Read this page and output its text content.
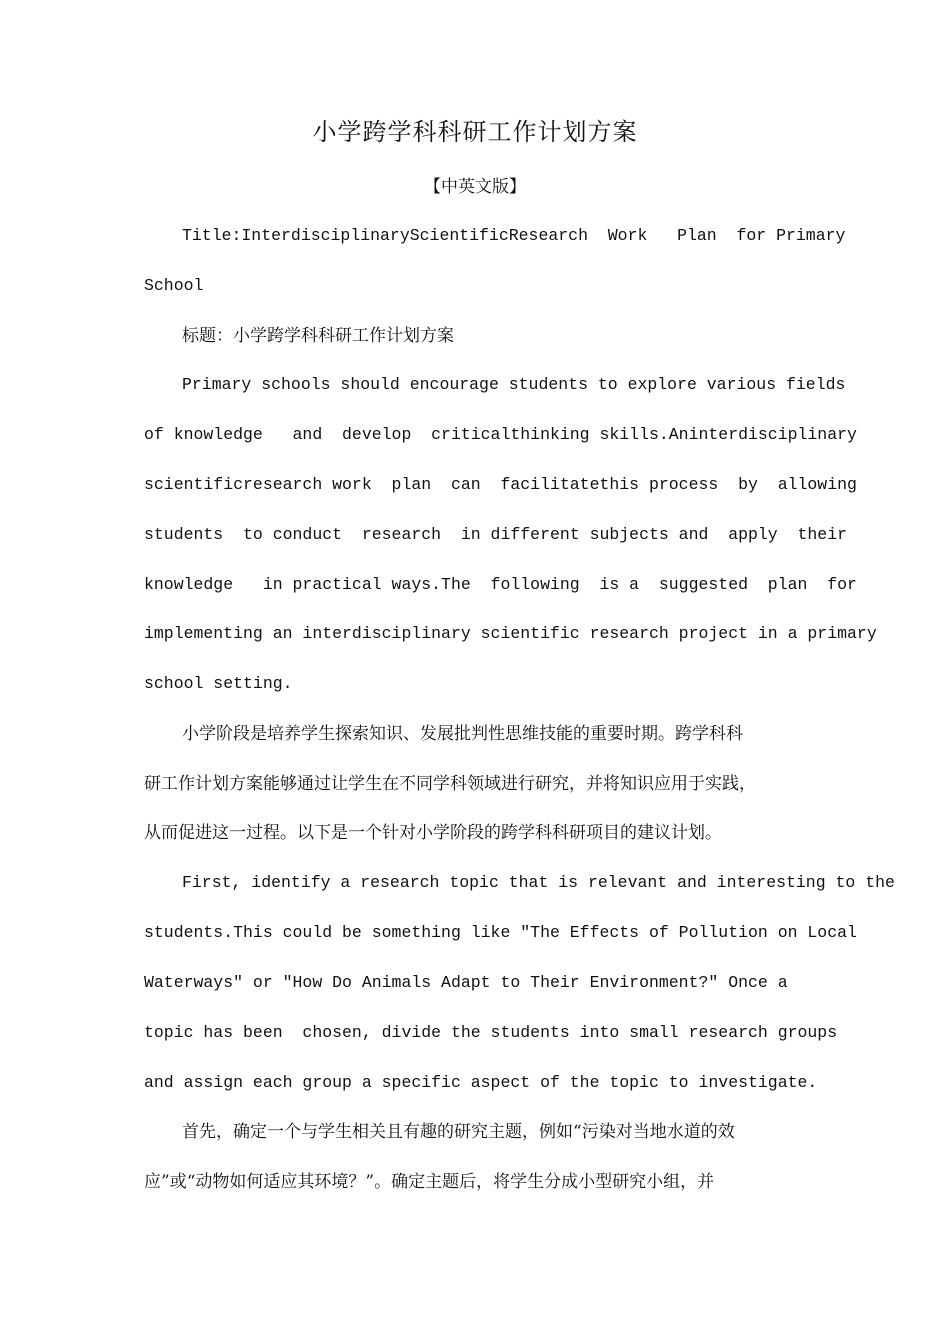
小学跨学科科研工作计划方案
【中英文版】
Title:InterdisciplinaryScientificResearch  Work   Plan  for Primary
School
标题：小学跨学科科研工作计划方案
Primary schools should encourage students to explore various fields
of knowledge   and  develop  criticalthinking skills.Aninterdisciplinary
scientificresearch work  plan  can  facilitatethis process  by  allowing
students  to conduct  research  in different subjects and  apply  their
knowledge   in practical ways.The  following  is a  suggested  plan  for
implementing an interdisciplinary scientific research project in a primary
school setting.
小学阶段是培养学生探索知识、发展批判性思维技能的重要时期。跨学科科
研工作计划方案能够通过让学生在不同学科领域进行研究，并将知识应用于实践，
从而促进这一过程。以下是一个针对小学阶段的跨学科科研项目的建议计划。
First, identify a research topic that is relevant and interesting to the
students.This could be something like "The Effects of Pollution on Local
Waterways" or "How Do Animals Adapt to Their Environment?" Once a
topic has been  chosen, divide the students into small research groups
and assign each group a specific aspect of the topic to investigate.
首先，确定一个与学生相关且有趣的研究主题，例如“污染对当地水道的效
应”或“动物如何适应其环境？”。确定主题后，将学生分成小型研究小组，并
